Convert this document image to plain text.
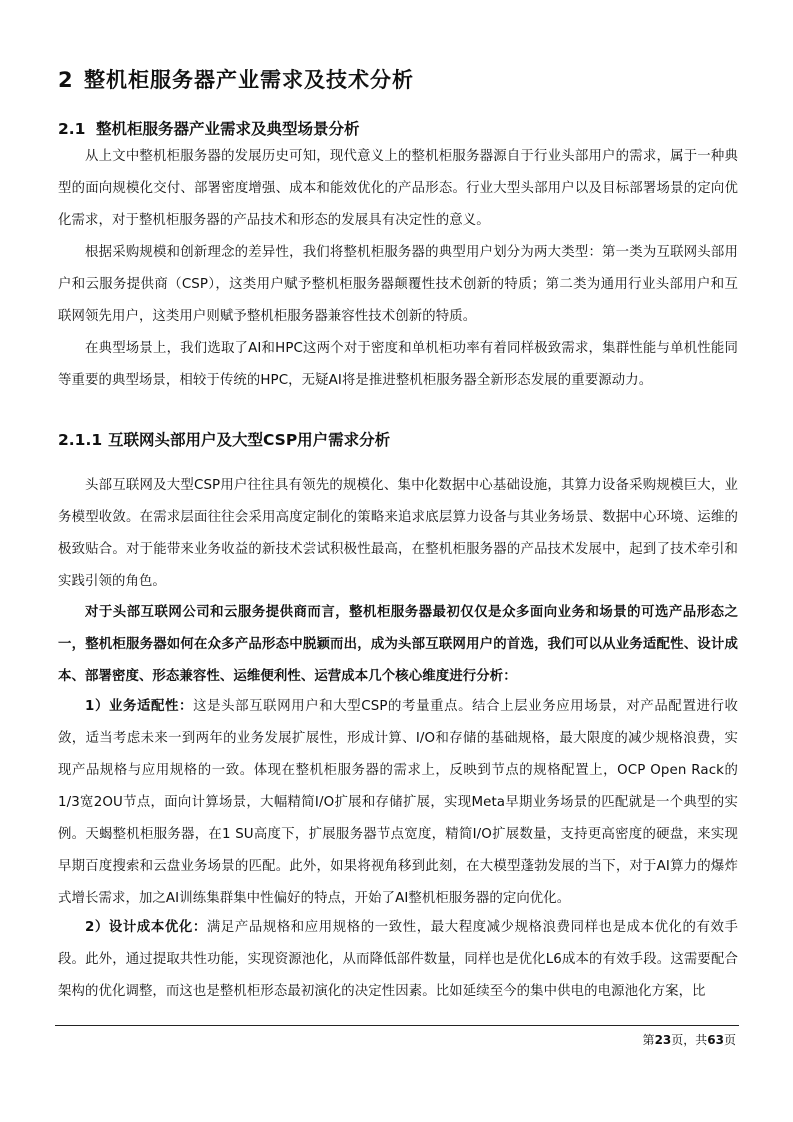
2 整机柜服务器产业需求及技术分析
2.1 整机柜服务器产业需求及典型场景分析

从上文中整机柜服务器的发展历史可知，现代意义上的整机柜服务器源自于行业头部用户的需求，属于一种典型的面向规模化交付、部署密度增强、成本和能效优化的产品形态。行业大型头部用户以及目标部署场景的定向优化需求，对于整机柜服务器的产品技术和形态的发展具有决定性的意义。

根据采购规模和创新理念的差异性，我们将整机柜服务器的典型用户划分为两大类型：第一类为互联网头部用户和云服务提供商（CSP），这类用户赋予整机柜服务器颠覆性技术创新的特质；第二类为通用行业头部用户和互联网领先用户，这类用户则赋予整机柜服务器兼容性技术创新的特质。

在典型场景上，我们选取了AI和HPC这两个对于密度和单机柜功率有着同样极致需求，集群性能与单机性能同等重要的典型场景，相较于传统的HPC，无疑AI将是推进整机柜服务器全新形态发展的重要源动力。

2.1.1 互联网头部用户及大型CSP用户需求分析

头部互联网及大型CSP用户往往具有领先的规模化、集中化数据中心基础设施，其算力设备采购规模巨大，业务模型收敛。在需求层面往往会采用高度定制化的策略来追求底层算力设备与其业务场景、数据中心环境、运维的极致贴合。对于能带来业务收益的新技术尝试积极性最高，在整机柜服务器的产品技术发展中，起到了技术牵引和实践引领的角色。

对于头部互联网公司和云服务提供商而言，整机柜服务器最初仅仅是众多面向业务和场景的可选产品形态之一，整机柜服务器如何在众多产品形态中脱颖而出，成为头部互联网用户的首选，我们可以从业务适配性、设计成本、部署密度、形态兼容性、运维便利性、运营成本几个核心维度进行分析：

1）业务适配性：这是头部互联网用户和大型CSP的考量重点。结合上层业务应用场景，对产品配置进行收敛，适当考虑未来一到两年的业务发展扩展性，形成计算、I/O和存储的基础规格，最大限度的减少规格浪费，实现产品规格与应用规格的一致。体现在整机柜服务器的需求上，反映到节点的规格配置上，OCP Open Rack的1/3宽2OU节点，面向计算场景，大幅精简I/O扩展和存储扩展，实现Meta早期业务场景的匹配就是一个典型的实例。天蝎整机柜服务器，在1 SU高度下，扩展服务器节点宽度，精简I/O扩展数量，支持更高密度的硬盘，来实现早期百度搜索和云盘业务场景的匹配。此外，如果将视角移到此刻，在大模型蓬勃发展的当下，对于AI算力的爆炸式增长需求，加之AI训练集群集中性偏好的特点，开始了AI整机柜服务器的定向优化。

2）设计成本优化：满足产品规格和应用规格的一致性，最大程度减少规格浪费同样也是成本优化的有效手段。此外，通过提取共性功能，实现资源池化，从而降低部件数量，同样也是优化L6成本的有效手段。这需要配合架构的优化调整，而这也是整机柜形态最初演化的决定性因素。比如延续至今的集中供电的电源池化方案，比

第23页，共63页
